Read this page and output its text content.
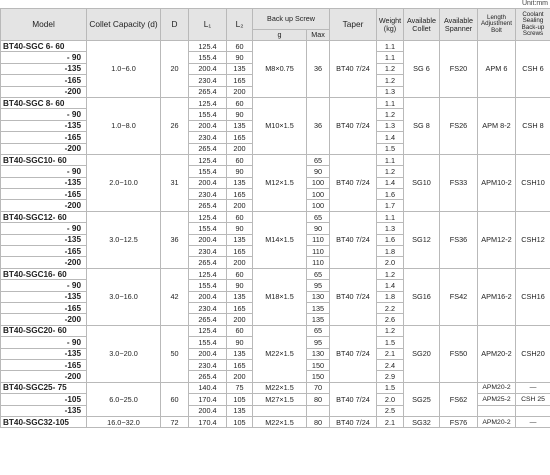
Unit:mm
Model	Collet Capacity (d)	D	L₁	L₂	Back up Screw		Taper	Weight (kg)	Available Collet	Available Spanner	Length Adjustment Bolt	Coolant Sealing Back-up Screws
					g	Max						
BT40-SGC 6- 60	1.0−6.0	20	125.4	60	M8×0.75	36	BT40 7/24	1.1	SG 6	FS20	APM 6	CSH 6
- 90			155.4	90				1.1				
-135			200.4	135				1.2				
-165			230.4	165				1.2				
-200			265.4	200				1.3				
BT40-SGC 8- 60	1.0−8.0	26	125.4	60	M10×1.5	36	BT40 7/24	1.1	SG 8	FS26	APM 8-2	CSH 8
- 90			155.4	90				1.2				
-135			200.4	135				1.3				
-165			230.4	165				1.4				
-200			265.4	200				1.5				
BT40-SGC10- 60	2.0−10.0	31	125.4	60	M12×1.5	65	BT40 7/24	1.1	SG10	FS33	APM10-2	CSH10
- 90			155.4	90		90		1.2				
-135			200.4	135		100		1.4				
-165			230.4	165		100		1.6				
-200			265.4	200		100		1.7				
BT40-SGC12- 60	3.0−12.5	36	125.4	60	M14×1.5	65	BT40 7/24	1.1	SG12	FS36	APM12-2	CSH12
- 90			155.4	90		90		1.3				
-135			200.4	135		110		1.6				
-165			230.4	165		110		1.8				
-200			265.4	200		110		2.0				
BT40-SGC16- 60	3.0−16.0	42	125.4	60	M18×1.5	65	BT40 7/24	1.2	SG16	FS42	APM16-2	CSH16
- 90			155.4	90		95		1.4				
-135			200.4	135		130		1.8				
-165			230.4	165		135		2.2				
-200			265.4	200		135		2.6				
BT40-SGC20- 60	3.0−20.0	50	125.4	60	M22×1.5	65	BT40 7/24	1.2	SG20	FS50	APM20-2	CSH20
- 90			155.4	90		95		1.5				
-135			200.4	135		130		2.1				
-165			230.4	165		150		2.4				
-200			265.4	200		150		2.9				
BT40-SGC25- 75	6.0−25.0	60	140.4	75	M22×1.5	70	BT40 7/24	1.5	SG25	FS62	APM20-2	—
-105			170.4	105	M27×1.5	80		2.0			APM25-2	CSH 25
-135			200.4	135				2.5				
BT40-SGC32-105	16.0−32.0	72	170.4	105	M22×1.5	80	BT40 7/24	2.1	SG32	FS76	APM20-2	—
